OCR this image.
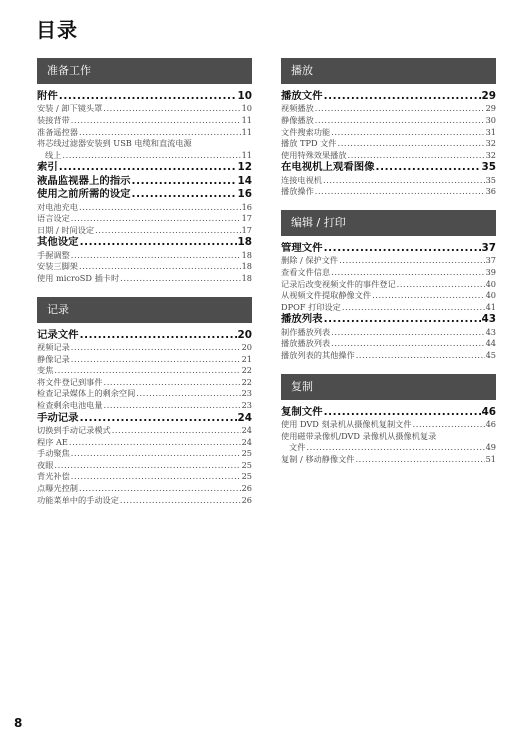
目录
准备工作
附件 .....	10
安装 / 卸下镜头罩 .....	10
装接背带 .....	11
准备遥控器 .....	11
将芯线过滤器安装到 USB 电缆和直流电源
线上 .....	11
索引 .....	12
液晶监视器上的指示 .....	14
使用之前所需的设定 .....	16
对电池充电 .....	16
语言设定 .....	17
日期 / 时间设定 .....	17
其他设定 .....	18
手握调整 .....	18
安装三脚架 .....	18
使用 microSD 插卡时 .....	18
记录
记录文件 .....	20
视频记录 .....	20
静像记录 .....	21
变焦 .....	22
将文件登记到事件 .....	22
检查记录媒体上的剩余空间 .....	23
检查剩余电池电量 .....	23
手动记录 .....	24
切换到手动记录模式 .....	24
程序 AE .....	24
手动聚焦 .....	25
夜眼 .....	25
背光补偿 .....	25
点曝光控制 .....	26
功能菜单中的手动设定 .....	26
播放
播放文件 .....	29
视频播放 .....	29
静像播放 .....	30
文件搜索功能 .....	31
播放 TPD 文件 .....	32
使用特殊效果播放 .....	32
在电视机上观看图像 .....	35
连接电视机 .....	35
播放操作 .....	36
编辑 / 打印
管理文件 .....	37
删除 / 保护文件 .....	37
查看文件信息 .....	39
记录后改变视频文件的事件登记 .....	40
从视频文件提取静像文件 .....	40
DPOF 打印设定 .....	41
播放列表 .....	43
制作播放列表 .....	43
播放播放列表 .....	44
播放列表的其他操作 .....	45
复制
复制文件 .....	46
使用 DVD 刻录机从摄像机复制文件 .....	46
使用磁带录像机/DVD 录像机从摄像机复录
文件 .....	49
复制 / 移动静像文件 .....	51
8
